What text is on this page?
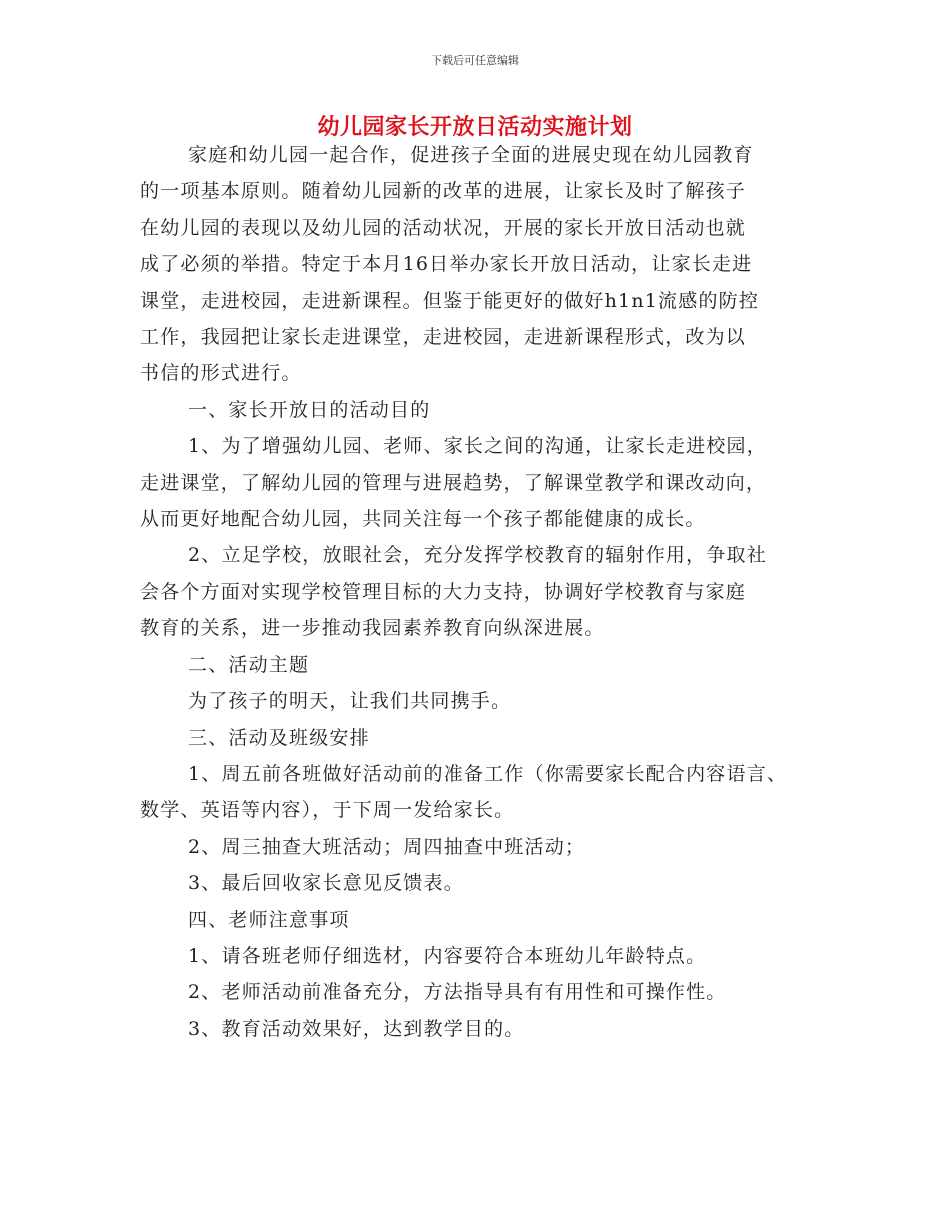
下载后可任意编辑
幼儿园家长开放日活动实施计划

家庭和幼儿园一起合作，促进孩子全面的进展史现在幼儿园教育

的一项基本原则。随着幼儿园新的改革的进展，让家长及时了解孩子

在幼儿园的表现以及幼儿园的活动状况，开展的家长开放日活动也就

成了必须的举措。特定于本月16日举办家长开放日活动，让家长走进

课堂，走进校园，走进新课程。但鉴于能更好的做好h1n1流感的防控

工作，我园把让家长走进课堂，走进校园，走进新课程形式，改为以

书信的形式进行。

一、家长开放日的活动目的

1、为了增强幼儿园、老师、家长之间的沟通，让家长走进校园，

走进课堂，了解幼儿园的管理与进展趋势，了解课堂教学和课改动向，

从而更好地配合幼儿园，共同关注每一个孩子都能健康的成长。

2、立足学校，放眼社会，充分发挥学校教育的辐射作用，争取社

会各个方面对实现学校管理目标的大力支持，协调好学校教育与家庭

教育的关系，进一步推动我园素养教育向纵深进展。

二、活动主题

为了孩子的明天，让我们共同携手。

三、活动及班级安排

1、周五前各班做好活动前的准备工作（你需要家长配合内容语言、

数学、英语等内容），于下周一发给家长。

2、周三抽查大班活动；周四抽查中班活动；

3、最后回收家长意见反馈表。

四、老师注意事项

1、请各班老师仔细选材，内容要符合本班幼儿年龄特点。

2、老师活动前准备充分，方法指导具有有用性和可操作性。

3、教育活动效果好，达到教学目的。
